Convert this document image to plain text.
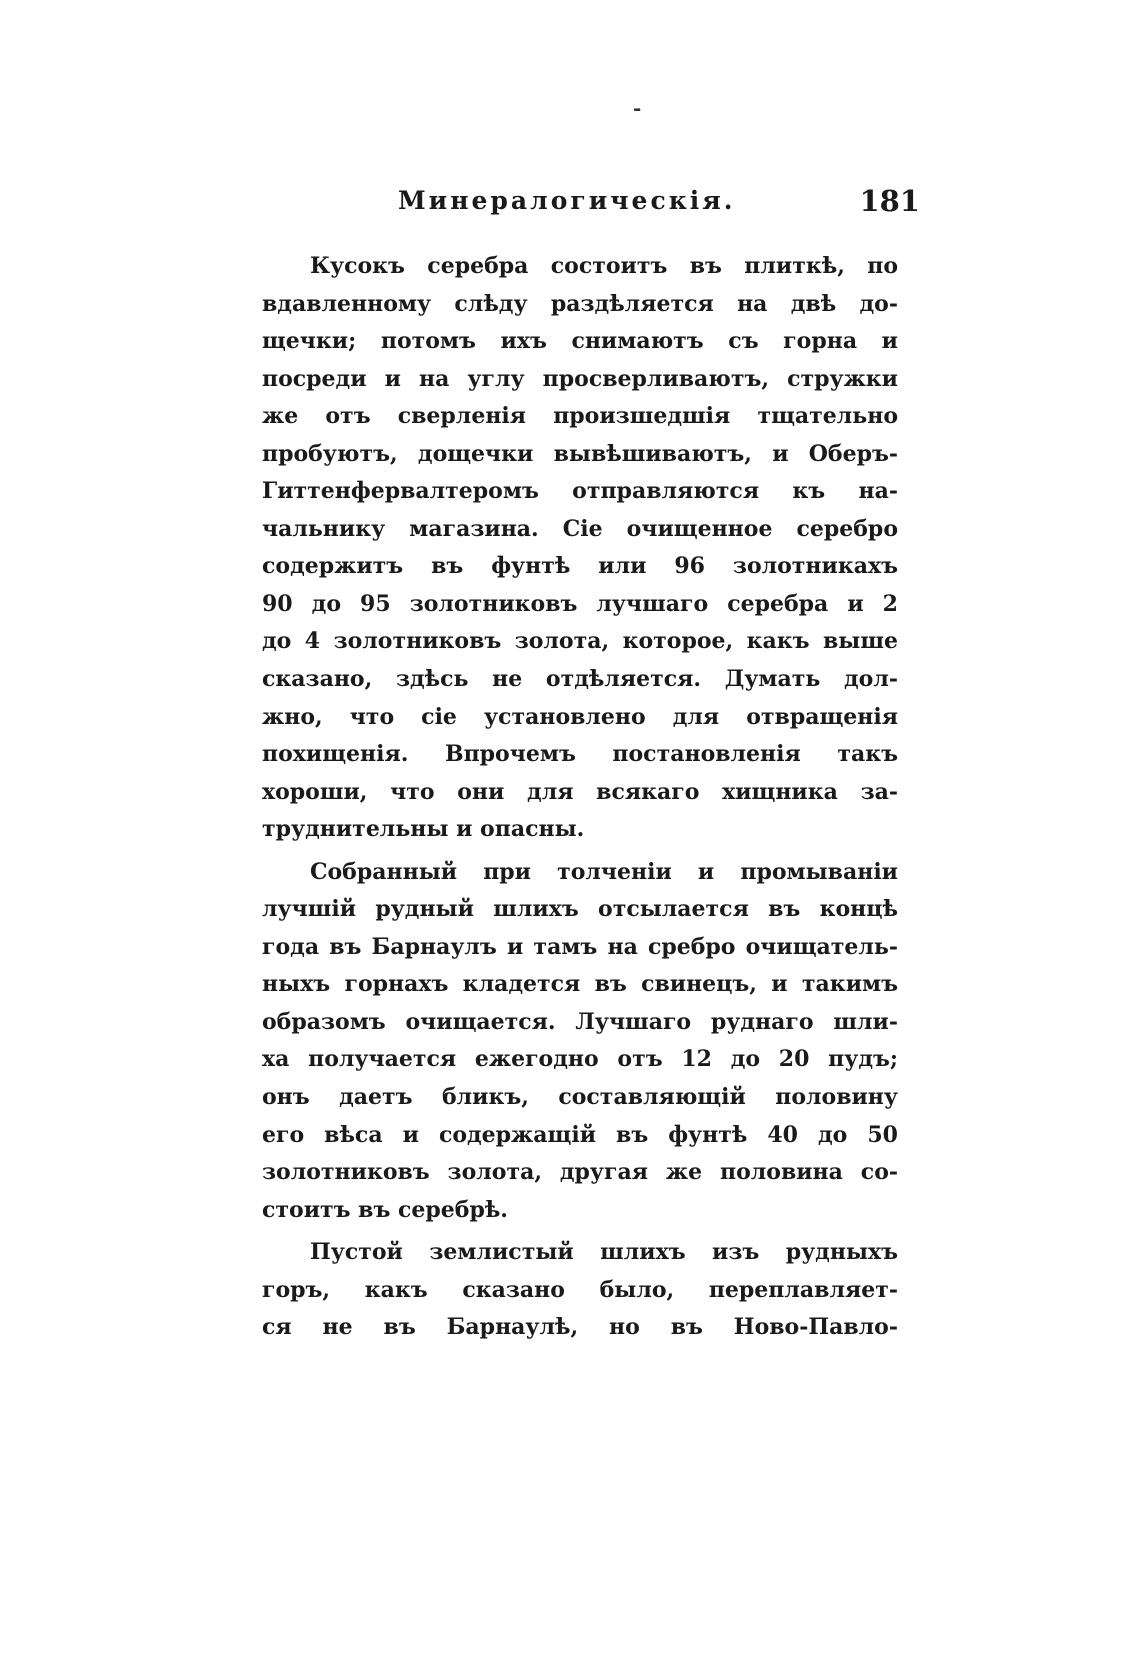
-
Минералогическія.	181

Кусокъ серебра состоитъ въ плиткѣ, по
вдавленному слѣду раздѣляется на двѣ до-
щечки; потомъ ихъ снимаютъ съ горна и
посреди и на углу просверливаютъ, стружки
же отъ сверленія произшедшія тщательно
пробуютъ, дощечки вывѣшиваютъ, и Оберъ-
Гиттенфервалтеромъ отправляются къ на-
чальнику магазина. Сіе очищенное серебро
содержитъ въ фунтѣ или 96 золотникахъ
90 до 95 золотниковъ лучшаго серебра и 2
до 4 золотниковъ золота, которое, какъ выше
сказано, здѣсь не отдѣляется. Думать дол-
жно, что сіе установлено для отвращенія
похищенія. Впрочемъ постановленія такъ
хороши, что они для всякаго хищника за-
труднительны и опасны.

Собранный при толченіи и промываніи
лучшій рудный шлихъ отсылается въ концѣ
года въ Барнаулъ и тамъ на сребро очищатель-
ныхъ горнахъ кладется въ свинецъ, и такимъ
образомъ очищается. Лучшаго руднаго шли-
ха получается ежегодно отъ 12 до 20 пудъ;
онъ даетъ бликъ, составляющій половину
его вѣса и содержащій въ фунтѣ 40 до 50
золотниковъ золота, другая же половина со-
стоитъ въ серебрѣ.

Пустой землистый шлихъ изъ рудныхъ
горъ, какъ сказано было, переплавляет-
ся не въ Барнаулѣ, но въ Ново-Павло-
